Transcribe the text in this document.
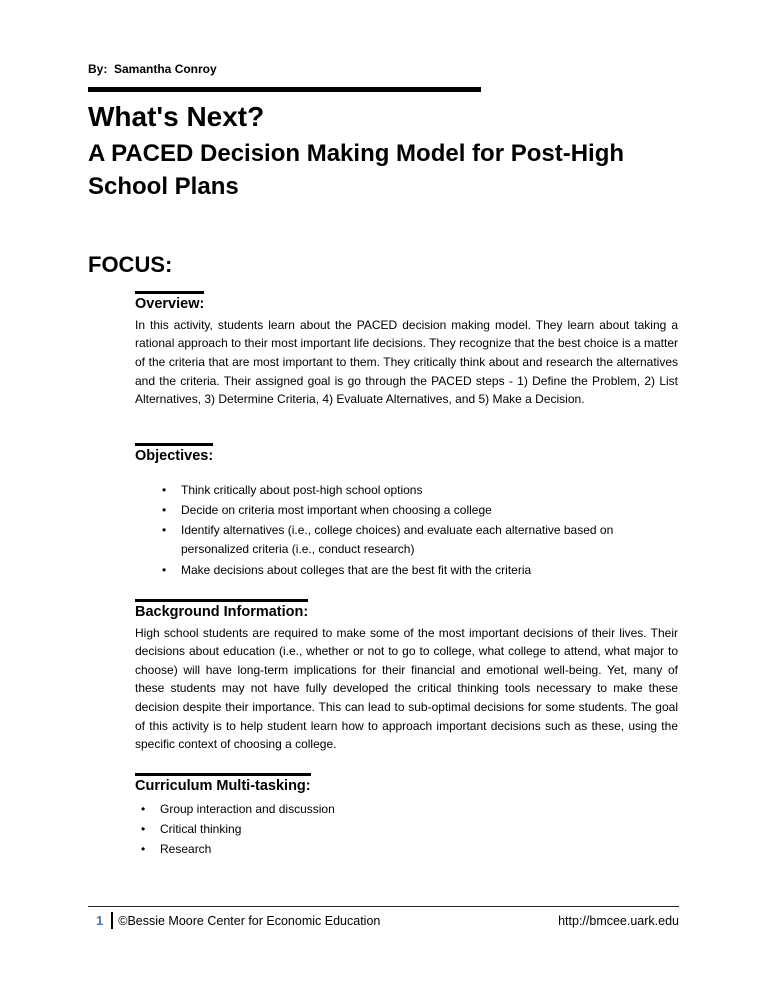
By:  Samantha Conroy
What's Next?
A PACED Decision Making Model for Post-High School Plans
FOCUS:
Overview:

In this activity, students learn about the PACED decision making model. They learn about taking a rational approach to their most important life decisions. They recognize that the best choice is a matter of the criteria that are most important to them. They critically think about and research the alternatives and the criteria. Their assigned goal is go through the PACED steps - 1) Define the Problem, 2) List Alternatives, 3) Determine Criteria, 4) Evaluate Alternatives, and 5) Make a Decision.

Objectives:
• Think critically about post-high school options
• Decide on criteria most important when choosing a college
• Identify alternatives (i.e., college choices) and evaluate each alternative based on personalized criteria (i.e., conduct research)
• Make decisions about colleges that are the best fit with the criteria
Background Information:

High school students are required to make some of the most important decisions of their lives. Their decisions about education (i.e., whether or not to go to college, what college to attend, what major to choose) will have long-term implications for their financial and emotional well-being. Yet, many of these students may not have fully developed the critical thinking tools necessary to make these decision despite their importance. This can lead to sub-optimal decisions for some students. The goal of this activity is to help student learn how to approach important decisions such as these, using the specific context of choosing a college.

Curriculum Multi-tasking:
• Group interaction and discussion
• Critical thinking
• Research
1	©Bessie Moore Center for Economic Education	http://bmcee.uark.edu
